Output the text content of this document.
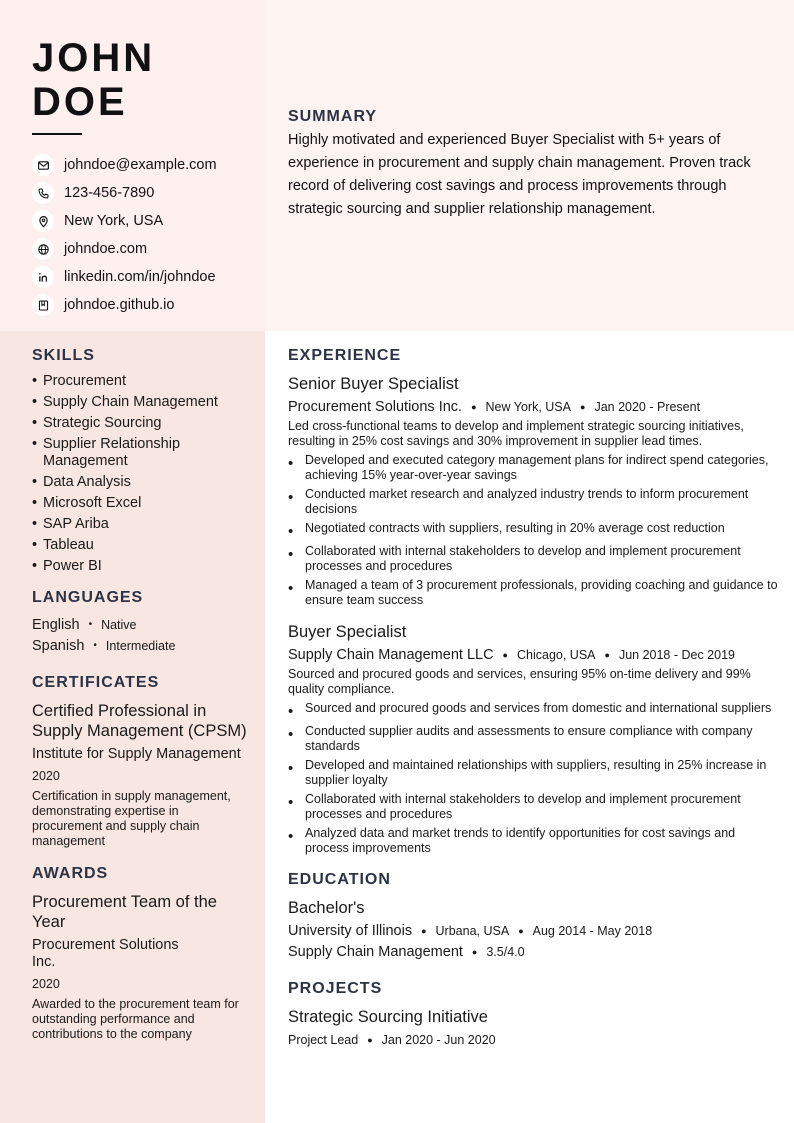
JOHN
DOE
johndoe@example.com
123-456-7890
New York, USA
johndoe.com
linkedin.com/in/johndoe
johndoe.github.io
SUMMARY
Highly motivated and experienced Buyer Specialist with 5+ years of experience in procurement and supply chain management. Proven track record of delivering cost savings and process improvements through strategic sourcing and supplier relationship management.
SKILLS
• Procurement
• Supply Chain Management
• Strategic Sourcing
• Supplier Relationship Management
• Data Analysis
• Microsoft Excel
• SAP Ariba
• Tableau
• Power BI
LANGUAGES
English • Native
Spanish • Intermediate
CERTIFICATES
Certified Professional in Supply Management (CPSM)
Institute for Supply Management
2020
Certification in supply management, demonstrating expertise in procurement and supply chain management
AWARDS
Procurement Team of the Year
Procurement Solutions Inc.
2020
Awarded to the procurement team for outstanding performance and contributions to the company
EXPERIENCE
Senior Buyer Specialist
Procurement Solutions Inc. ● New York, USA ● Jan 2020 - Present
Led cross-functional teams to develop and implement strategic sourcing initiatives, resulting in 25% cost savings and 30% improvement in supplier lead times.
• Developed and executed category management plans for indirect spend categories, achieving 15% year-over-year savings
• Conducted market research and analyzed industry trends to inform procurement decisions
• Negotiated contracts with suppliers, resulting in 20% average cost reduction
• Collaborated with internal stakeholders to develop and implement procurement processes and procedures
• Managed a team of 3 procurement professionals, providing coaching and guidance to ensure team success
Buyer Specialist
Supply Chain Management LLC ● Chicago, USA ● Jun 2018 - Dec 2019
Sourced and procured goods and services, ensuring 95% on-time delivery and 99% quality compliance.
• Sourced and procured goods and services from domestic and international suppliers
• Conducted supplier audits and assessments to ensure compliance with company standards
• Developed and maintained relationships with suppliers, resulting in 25% increase in supplier loyalty
• Collaborated with internal stakeholders to develop and implement procurement processes and procedures
• Analyzed data and market trends to identify opportunities for cost savings and process improvements
EDUCATION
Bachelor's
University of Illinois ● Urbana, USA ● Aug 2014 - May 2018
Supply Chain Management ● 3.5/4.0
PROJECTS
Strategic Sourcing Initiative
Project Lead ● Jan 2020 - Jun 2020
